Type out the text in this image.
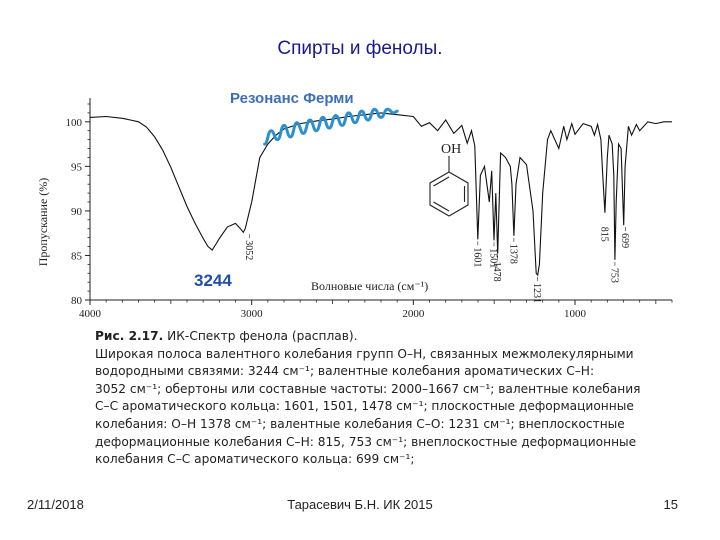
Спирты и фенолы.
80
85
90
95
100
4000	3000	2000	1000
3052	1601 1501
1478
1378
1231
815
753
699
Пропускание (%)
Волновые числа (см⁻¹)
Резонанс Ферми
3244
OH
Рис. 2.17. ИК-Спектр фенола (расплав).
Широкая полоса валентного колебания групп О–Н, связанных межмолекулярными
водородными связями: 3244 см⁻¹; валентные колебания ароматических С–Н:
3052 см⁻¹; обертоны или составные частоты: 2000–1667 см⁻¹; валентные колебания
С–С ароматического кольца: 1601, 1501, 1478 см⁻¹; плоскостные деформационные
колебания: О–Н 1378 см⁻¹; валентные колебания С–О: 1231 см⁻¹; внеплоскостные
деформационные колебания С–Н: 815, 753 см⁻¹; внеплоскостные деформационные
колебания С–С ароматического кольца: 699 см⁻¹;
2/11/2018	Тарасевич Б.Н. ИК 2015	15
